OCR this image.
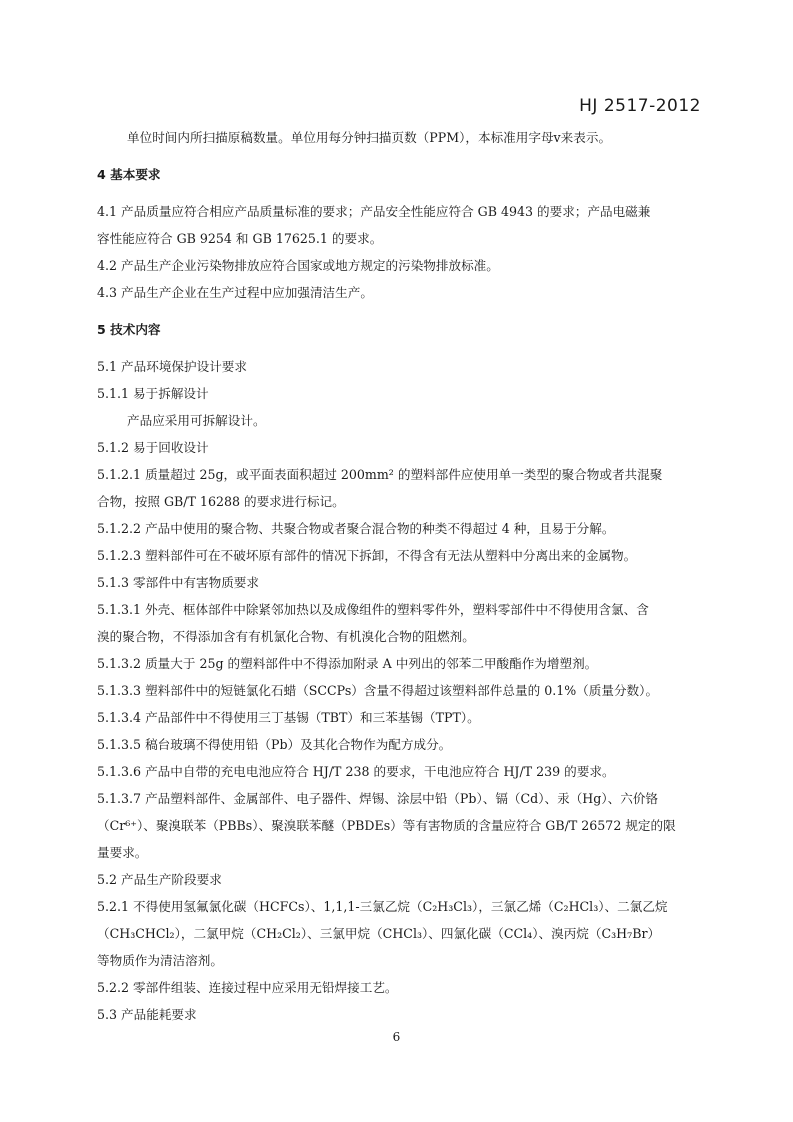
HJ 2517-2012

单位时间内所扫描原稿数量。单位用每分钟扫描页数（PPM），本标准用字母v来表示。

4 基本要求

4.1 产品质量应符合相应产品质量标准的要求；产品安全性能应符合 GB 4943 的要求；产品电磁兼

容性能应符合 GB 9254 和 GB 17625.1 的要求。

4.2 产品生产企业污染物排放应符合国家或地方规定的污染物排放标准。

4.3 产品生产企业在生产过程中应加强清洁生产。

5 技术内容

5.1 产品环境保护设计要求

5.1.1 易于拆解设计

产品应采用可拆解设计。

5.1.2 易于回收设计

5.1.2.1 质量超过 25g，或平面表面积超过 200mm² 的塑料部件应使用单一类型的聚合物或者共混聚

合物，按照 GB/T 16288 的要求进行标记。

5.1.2.2 产品中使用的聚合物、共聚合物或者聚合混合物的种类不得超过 4 种，且易于分解。

5.1.2.3 塑料部件可在不破坏原有部件的情况下拆卸，不得含有无法从塑料中分离出来的金属物。

5.1.3 零部件中有害物质要求

5.1.3.1 外壳、框体部件中除紧邻加热以及成像组件的塑料零件外，塑料零部件中不得使用含氯、含

溴的聚合物，不得添加含有有机氯化合物、有机溴化合物的阻燃剂。

5.1.3.2 质量大于 25g 的塑料部件中不得添加附录 A 中列出的邻苯二甲酸酯作为增塑剂。

5.1.3.3 塑料部件中的短链氯化石蜡（SCCPs）含量不得超过该塑料部件总量的 0.1%（质量分数）。

5.1.3.4 产品部件中不得使用三丁基锡（TBT）和三苯基锡（TPT）。

5.1.3.5 稿台玻璃不得使用铅（Pb）及其化合物作为配方成分。

5.1.3.6 产品中自带的充电电池应符合 HJ/T 238 的要求，干电池应符合 HJ/T 239 的要求。

5.1.3.7 产品塑料部件、金属部件、电子器件、焊锡、涂层中铅（Pb）、镉（Cd）、汞（Hg）、六价铬

（Cr⁶⁺）、聚溴联苯（PBBs）、聚溴联苯醚（PBDEs）等有害物质的含量应符合 GB/T 26572 规定的限

量要求。

5.2 产品生产阶段要求

5.2.1 不得使用氢氟氯化碳（HCFCs）、1,1,1-三氯乙烷（C₂H₃Cl₃），三氯乙烯（C₂HCl₃）、二氯乙烷

（CH₃CHCl₂），二氯甲烷（CH₂Cl₂）、三氯甲烷（CHCl₃）、四氯化碳（CCl₄）、溴丙烷（C₃H₇Br）

等物质作为清洁溶剂。

5.2.2 零部件组装、连接过程中应采用无铅焊接工艺。

5.3 产品能耗要求

6
